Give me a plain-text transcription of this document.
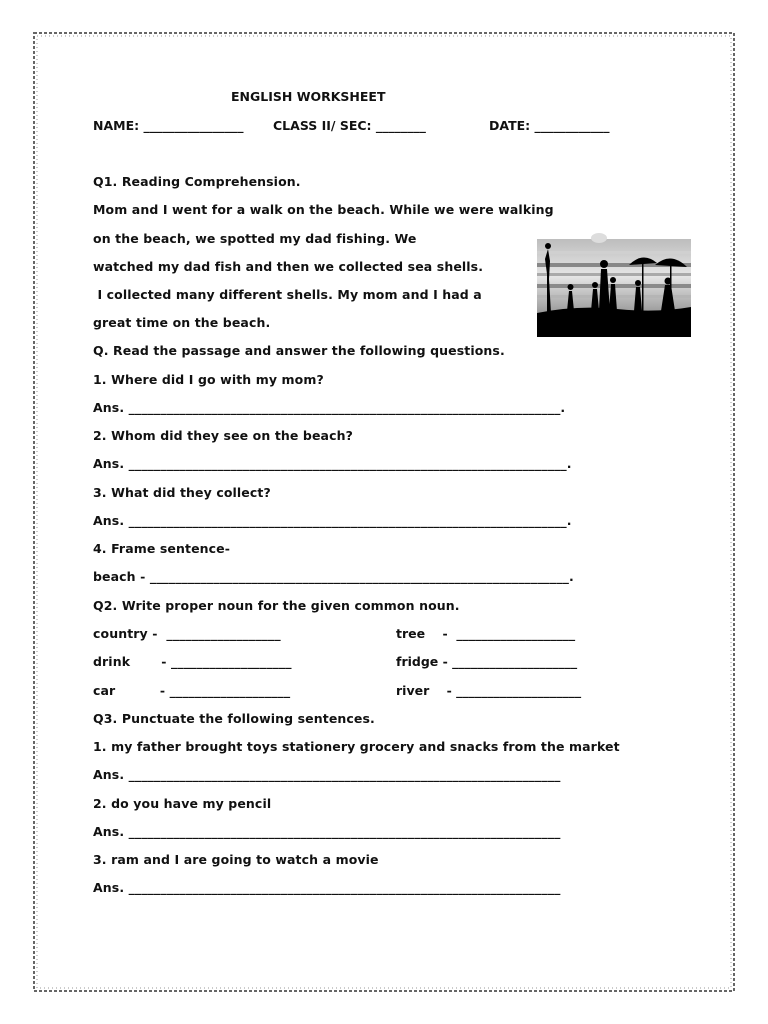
ENGLISH WORKSHEET
NAME: ________________ CLASS II/ SEC: ________	DATE: ____________
Q1. Reading Comprehension.
Mom and I went for a walk on the beach. While we were walking
on the beach, we spotted my dad fishing. We
watched my dad fish and then we collected sea shells.
I collected many different shells. My mom and I had a
great time on the beach.
Q. Read the passage and answer the following questions.
1. Where did I go with my mom?
Ans. ____________________________________________________________________.
2. Whom did they see on the beach?
Ans. _____________________________________________________________________.
3. What did they collect?
Ans. _____________________________________________________________________.
4. Frame sentence-
beach - __________________________________________________________________.
Q2. Write proper noun for the given common noun.
country -  __________________	tree    -  ___________________
drink       - ___________________	fridge - ____________________
car          - ___________________	river    - ____________________
Q3. Punctuate the following sentences.
1. my father brought toys stationery grocery and snacks from the market
Ans. ____________________________________________________________________
2. do you have my pencil
Ans. ____________________________________________________________________
3. ram and I are going to watch a movie
Ans. ____________________________________________________________________
